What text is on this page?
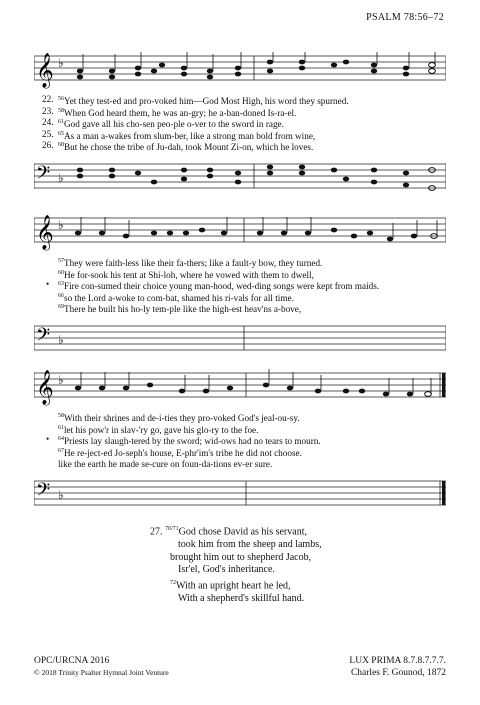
PSALM 78:56–72
𝄞 ♭
22. $^{56}$Yet they test-ed and pro-voked him—God Most High, his word they spurned.
23. $^{58}$When God heard them, he was an-gry; he a-ban-doned Is-ra-el.
24. $^{61}$God gave all his cho-sen peo-ple o-ver to the sword in rage.
25. $^{65}$As a man a-wakes from slum-ber, like a strong man bold from wine,
26. $^{68}$But he chose the tribe of Ju-dah, took Mount Zi-on, which he loves.
𝄢 ♭
𝄞 ♭
$^{57}$They were faith-less like their fa-thers; like a fault-y bow, they turned.
$^{60}$He for-sook his tent at Shi-loh, where he vowed with them to dwell,
• $^{63}$Fire con-sumed their choice young man-hood, wed-ding songs were kept from maids.
$^{66}$so the Lord a-woke to com-bat, shamed his ri-vals for all time.
$^{69}$There he built his ho-ly tem-ple like the high-est heav'ns a-bove,
𝄢 ♭
𝄞 ♭
$^{58}$With their shrines and de-i-ties they pro-voked God's jeal-ou-sy.
$^{61}$let his pow'r in slav-'ry go, gave his glo-ry to the foe.
• $^{64}$Priests lay slaugh-tered by the sword; wid-ows had no tears to mourn.
$^{67}$He re-ject-ed Jo-seph's house, E-phr'im's tribe he did not choose.
like the earth he made se-cure on foun-da-tions ev-er sure.
𝄢 ♭
27. $^{70/71}$God chose David as his servant,
took him from the sheep and lambs,
brought him out to shepherd Jacob,
Isr'el, God's inheritance.
$^{72}$With an upright heart he led,
With a shepherd's skillful hand.
OPC/URCNA 2016
© 2018 Trinity Psalter Hymnal Joint Venture
LUX PRIMA 8.7.8.7.7.7.
Charles F. Gounod, 1872
